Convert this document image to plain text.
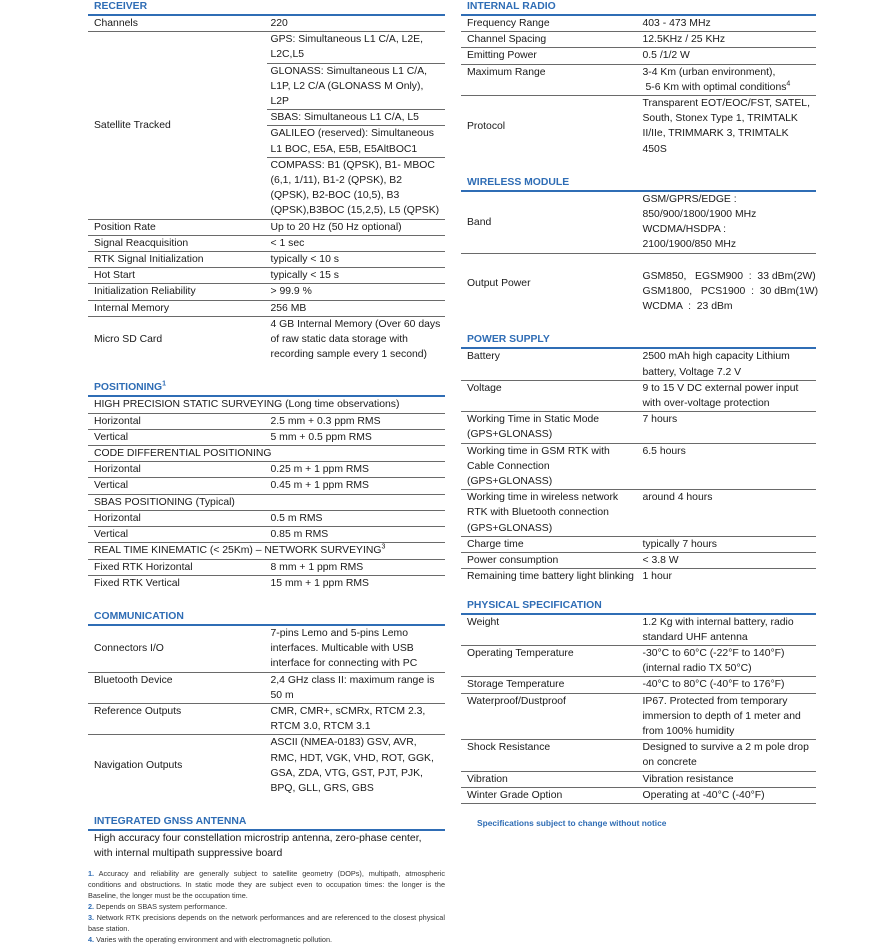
RECEIVER	
Channels	220
Satellite Tracked	GPS: Simultaneous L1 C/A, L2E, L2C,L5
	GLONASS: Simultaneous L1 C/A, L1P, L2 C/A (GLONASS M Only), L2P
	SBAS: Simultaneous L1 C/A, L5
	GALILEO (reserved): Simultaneous L1 BOC, E5A, E5B, E5AltBOC1
	COMPASS: B1 (QPSK), B1- MBOC (6,1, 1/11), B1-2 (QPSK), B2 (QPSK), B2-BOC (10,5), B3 (QPSK),B3BOC (15,2,5), L5 (QPSK)
Position Rate	Up to 20 Hz (50 Hz optional)
Signal Reacquisition	< 1 sec
RTK Signal Initialization	typically < 10 s
Hot Start	typically < 15 s
Initialization Reliability	> 99.9 %
Internal Memory	256 MB
Micro SD Card	4 GB Internal Memory (Over 60 days of raw static data storage with recording sample every 1 second)
POSITIONING$^1$
HIGH PRECISION STATIC SURVEYING (Long time observations)	
Horizontal	2.5 mm + 0.3 ppm RMS
Vertical	5 mm + 0.5 ppm RMS
CODE DIFFERENTIAL POSITIONING	
Horizontal	0.25 m + 1 ppm RMS
Vertical	0.45 m + 1 ppm RMS
SBAS POSITIONING (Typical)	
Horizontal	0.5 m RMS
Vertical	0.85 m RMS
REAL TIME KINEMATIC (< 25Km) – NETWORK SURVEYING$^3$
Fixed RTK Horizontal	8 mm + 1 ppm RMS
Fixed RTK Vertical	15 mm + 1 ppm RMS
COMMUNICATION	
Connectors I/O	7-pins Lemo and 5-pins Lemo interfaces. Multicable with USB interface for connecting with PC
Bluetooth Device	2,4 GHz class II: maximum range is 50 m
Reference Outputs	CMR, CMR+, sCMRx, RTCM 2.3, RTCM 3.0, RTCM 3.1
Navigation Outputs	ASCII (NMEA-0183) GSV, AVR, RMC, HDT, VGK, VHD, ROT, GGK, GSA, ZDA, VTG, GST, PJT, PJK, BPQ, GLL, GRS, GBS
INTEGRATED GNSS ANTENNA
High accuracy four constellation microstrip antenna, zero-phase center, with internal multipath suppressive board
1. Accuracy and reliability are generally subject to satellite geometry (DOPs), multipath, atmospheric conditions and obstructions. In static mode they are subject even to occupation times: the longer is the Baseline, the longer must be the occupation time.
2. Depends on SBAS system performance.
3. Network RTK precisions depends on the network performances and are referenced to the closest physical base station.
4. Varies with the operating environment and with electromagnetic pollution.
INTERNAL RADIO	
Frequency Range	403 - 473 MHz
Channel Spacing	12.5KHz / 25 KHz
Emitting Power	0.5 /1/2 W
Maximum Range	3-4 Km (urban environment),
5-6 Km with optimal conditions$^4$

Protocol	Transparent EOT/EOC/FST, SATEL, South, Stonex Type 1, TRIMTALK II/IIe, TRIMMARK 3, TRIMTALK 450S
WIRELESS MODULE	
Band	GSM/GPRS/EDGE :
850/900/1800/1900 MHz
WCDMA/HSDPA :
2100/1900/850 MHz

Output Power	GSM850,   EGSM900  :  33 dBm(2W)
GSM1800,   PCS1900  :  30 dBm(1W)
WCDMA  :  23 dBm
POWER SUPPLY	
Battery	2500 mAh high capacity Lithium battery, Voltage 7.2 V
Voltage	9 to 15 V DC external power input with over-voltage protection
Working Time in Static Mode (GPS+GLONASS)	7 hours
Working time in GSM RTK with Cable Connection (GPS+GLONASS)	6.5 hours
Working time in wireless network RTK with Bluetooth connection (GPS+GLONASS)	around 4 hours
Charge time	typically 7 hours
Power consumption	< 3.8 W
Remaining time battery light blinking	1 hour
PHYSICAL SPECIFICATION	
Weight	1.2 Kg with internal battery, radio standard UHF antenna
Operating Temperature	-30°C to 60°C (-22°F to 140°F) (internal radio TX 50°C)
Storage Temperature	-40°C to 80°C (-40°F to 176°F)
Waterproof/Dustproof	IP67. Protected from temporary immersion to depth of 1 meter and from 100% humidity
Shock Resistance	Designed to survive a 2 m pole drop on concrete
Vibration	Vibration resistance
Winter Grade Option	Operating at -40°C (-40°F)
Specifications subject to change without notice
